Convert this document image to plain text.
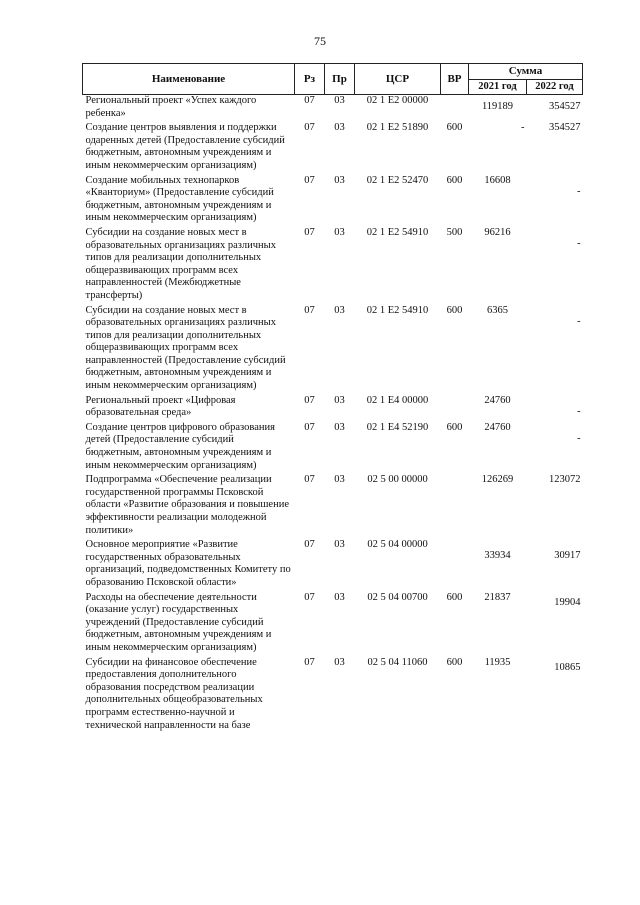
75
Наименование	Рз	Пр	ЦСР	ВР	Сумма	
					2021 год	2022 год
Региональный проект «Успех каждого ребенка»	07	03	02 1 E2 00000		119189	354527
Создание центров выявления и поддержки одаренных детей (Предоставление субсидий бюджетным, автономным учреждениям и иным некоммерческим организациям)	07	03	02 1 E2 51890	600	-	354527
Создание мобильных технопарков «Кванториум» (Предоставление субсидий бюджетным, автономным учреждениям и иным некоммерческим организациям)	07	03	02 1 E2 52470	600	16608	-
Субсидии на создание новых мест в образовательных организациях различных типов для реализации дополнительных общеразвивающих программ всех направленностей (Межбюджетные трансферты)	07	03	02 1 E2 54910	500	96216	-
Субсидии на создание новых мест в образовательных организациях различных типов для реализации дополнительных общеразвивающих программ всех направленностей (Предоставление субсидий бюджетным, автономным учреждениям и иным некоммерческим организациям)	07	03	02 1 E2 54910	600	6365	-
Региональный проект «Цифровая образовательная среда»	07	03	02 1 E4 00000		24760	-
Создание центров цифрового образования детей (Предоставление субсидий бюджетным, автономным учреждениям и иным некоммерческим организациям)	07	03	02 1 E4 52190	600	24760	-
Подпрограмма «Обеспечение реализации государственной программы Псковской области «Развитие образования и повышение эффективности реализации молодежной политики»	07	03	02 5 00 00000		126269	123072
Основное мероприятие «Развитие государственных образовательных организаций, подведомственных Комитету по образованию Псковской области»	07	03	02 5 04 00000		33934	30917
Расходы на обеспечение деятельности (оказание услуг) государственных учреждений (Предоставление субсидий бюджетным, автономным учреждениям и иным некоммерческим организациям)	07	03	02 5 04 00700	600	21837	19904
Субсидии на финансовое обеспечение предоставления дополнительного образования посредством реализации дополнительных общеобразовательных программ естественно-научной и технической направленности на базе	07	03	02 5 04 11060	600	11935	10865
